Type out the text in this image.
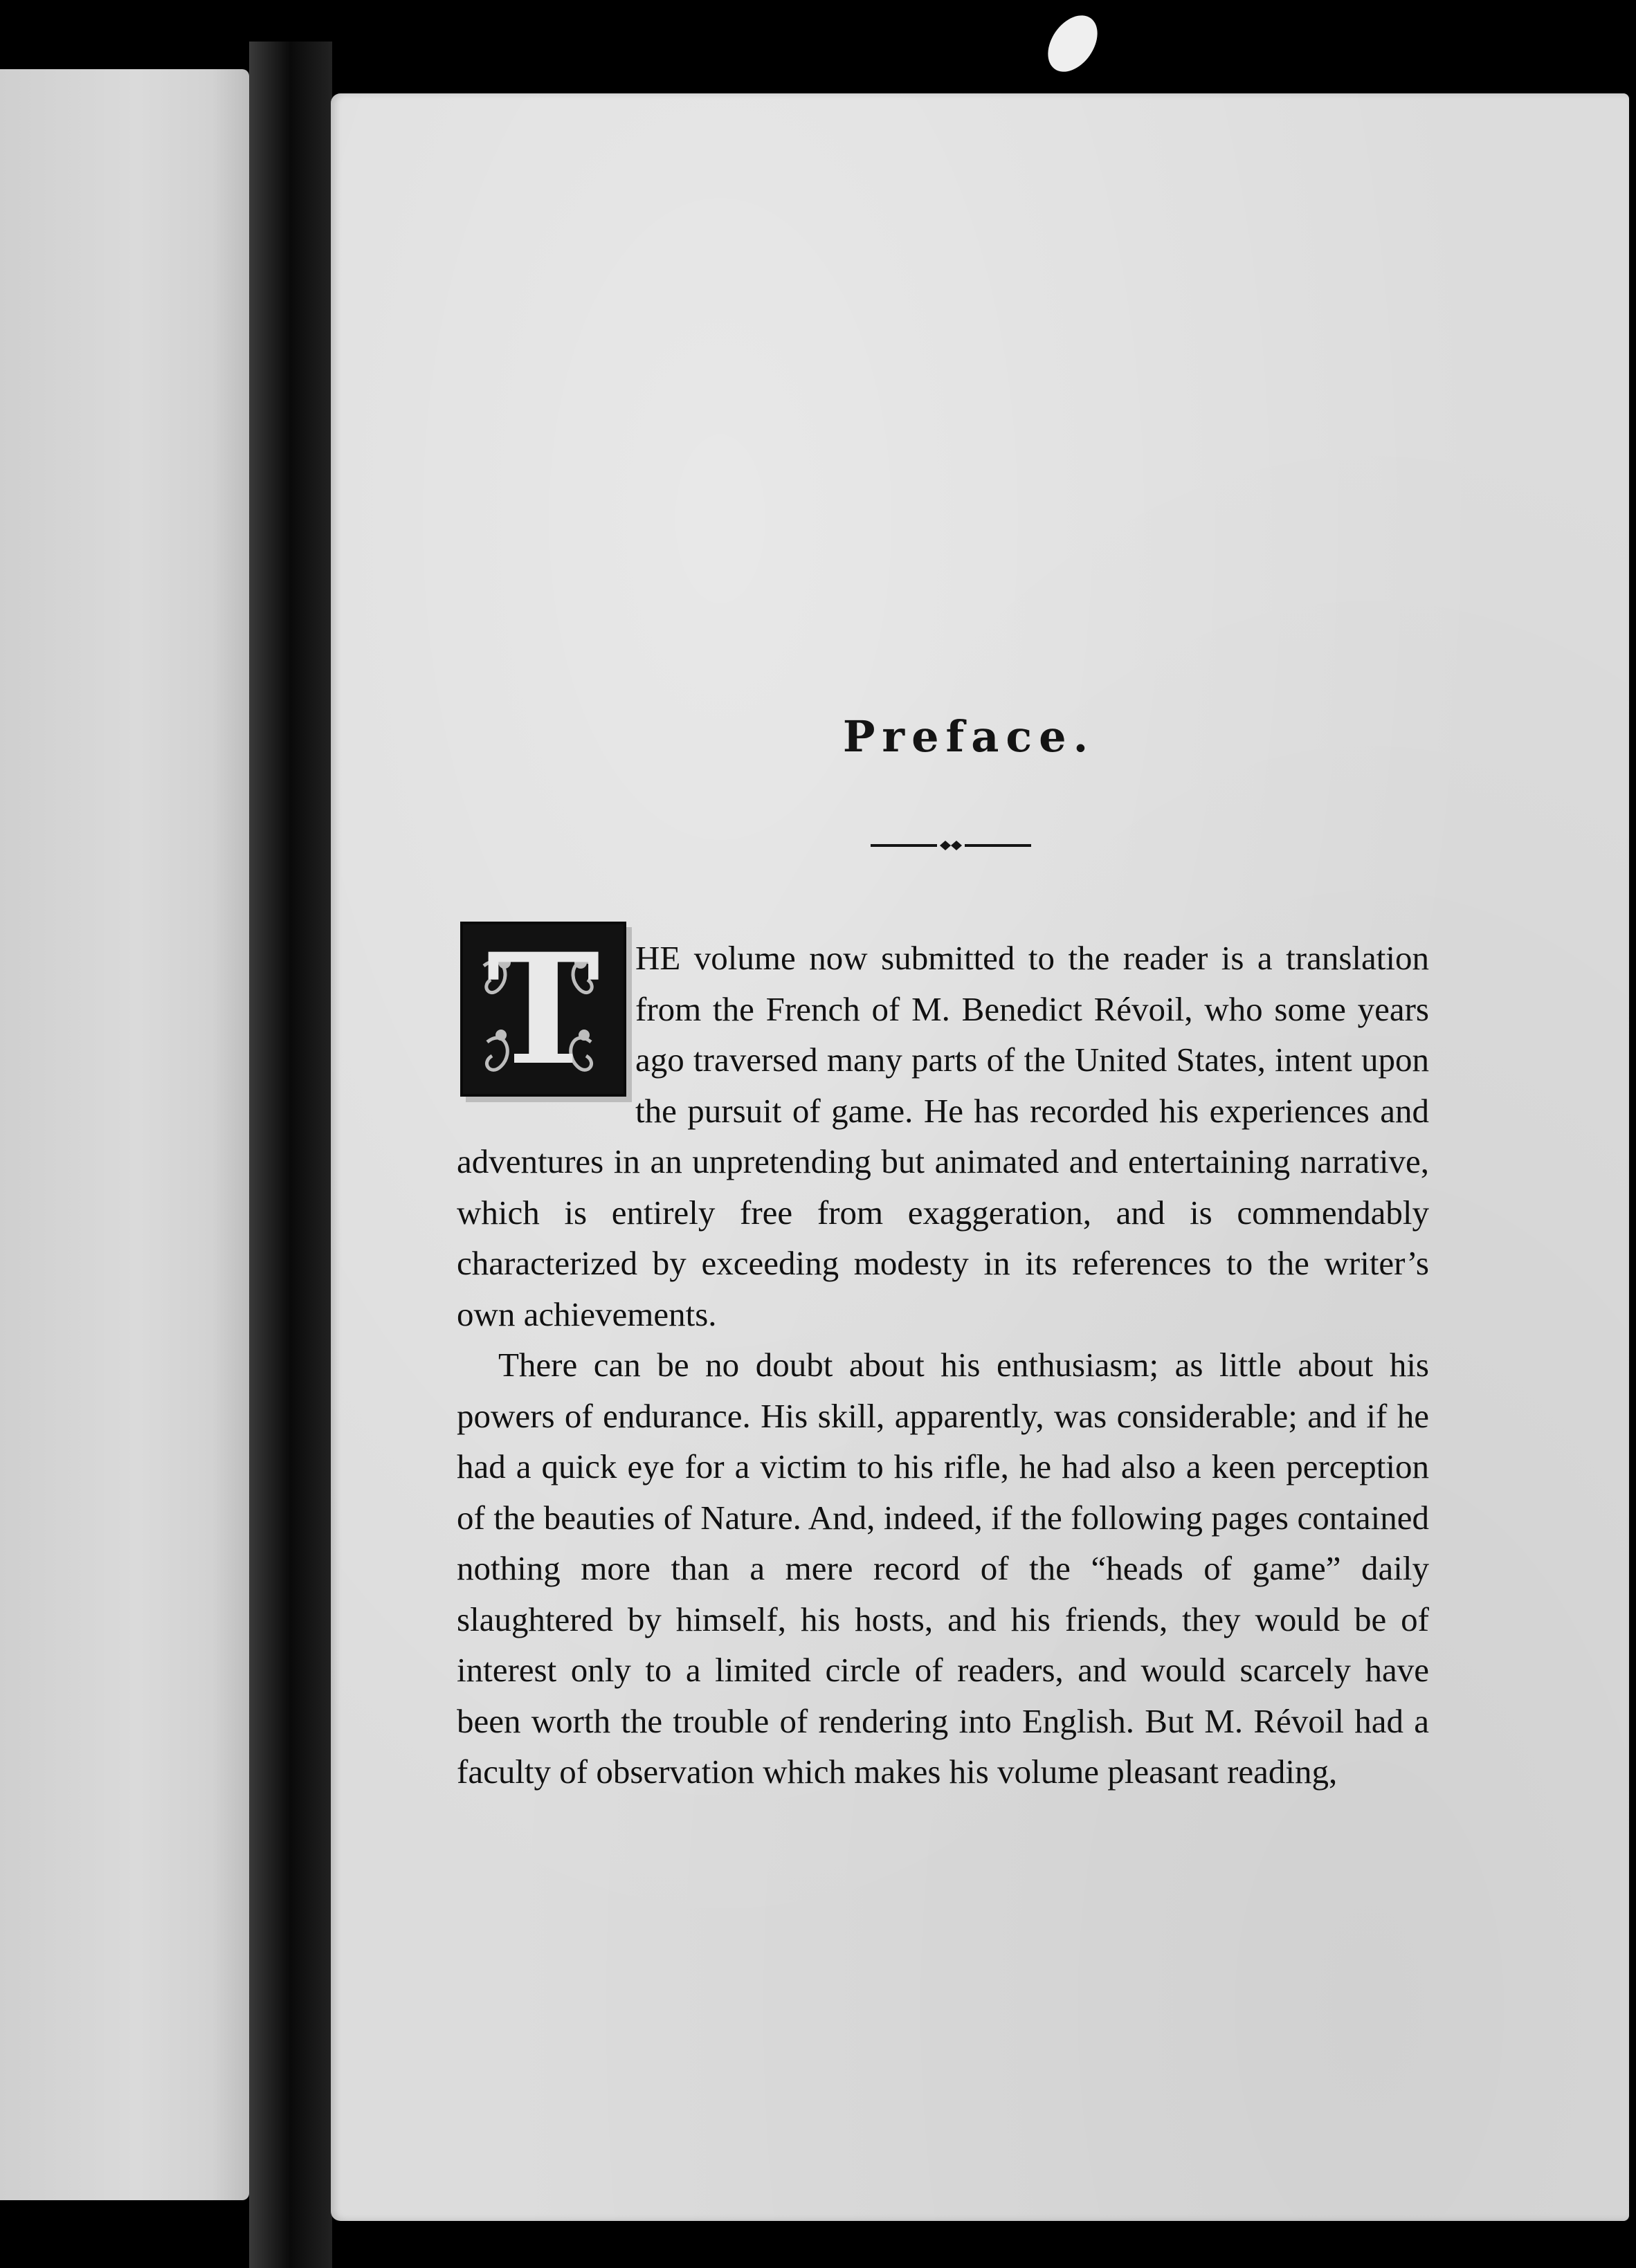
Preface.
T	HE volume now submitted to the reader is a translation from the French of M. Benedict Révoil, who some years ago traversed many parts of the United States, intent upon the pursuit of game. He has recorded his experiences and adventures in an unpretending but animated and entertaining narrative, which is entirely free from exaggeration, and is commendably characterized by exceeding modesty in its references to the writer’s own achievements.

There can be no doubt about his enthusiasm; as little about his powers of endurance. His skill, apparently, was considerable; and if he had a quick eye for a victim to his rifle, he had also a keen perception of the beauties of Nature. And, indeed, if the following pages contained nothing more than a mere record of the “heads of game” daily slaughtered by himself, his hosts, and his friends, they would be of interest only to a limited circle of readers, and would scarcely have been worth the trouble of rendering into English. But M. Révoil had a faculty of observation which makes his volume pleasant reading,
